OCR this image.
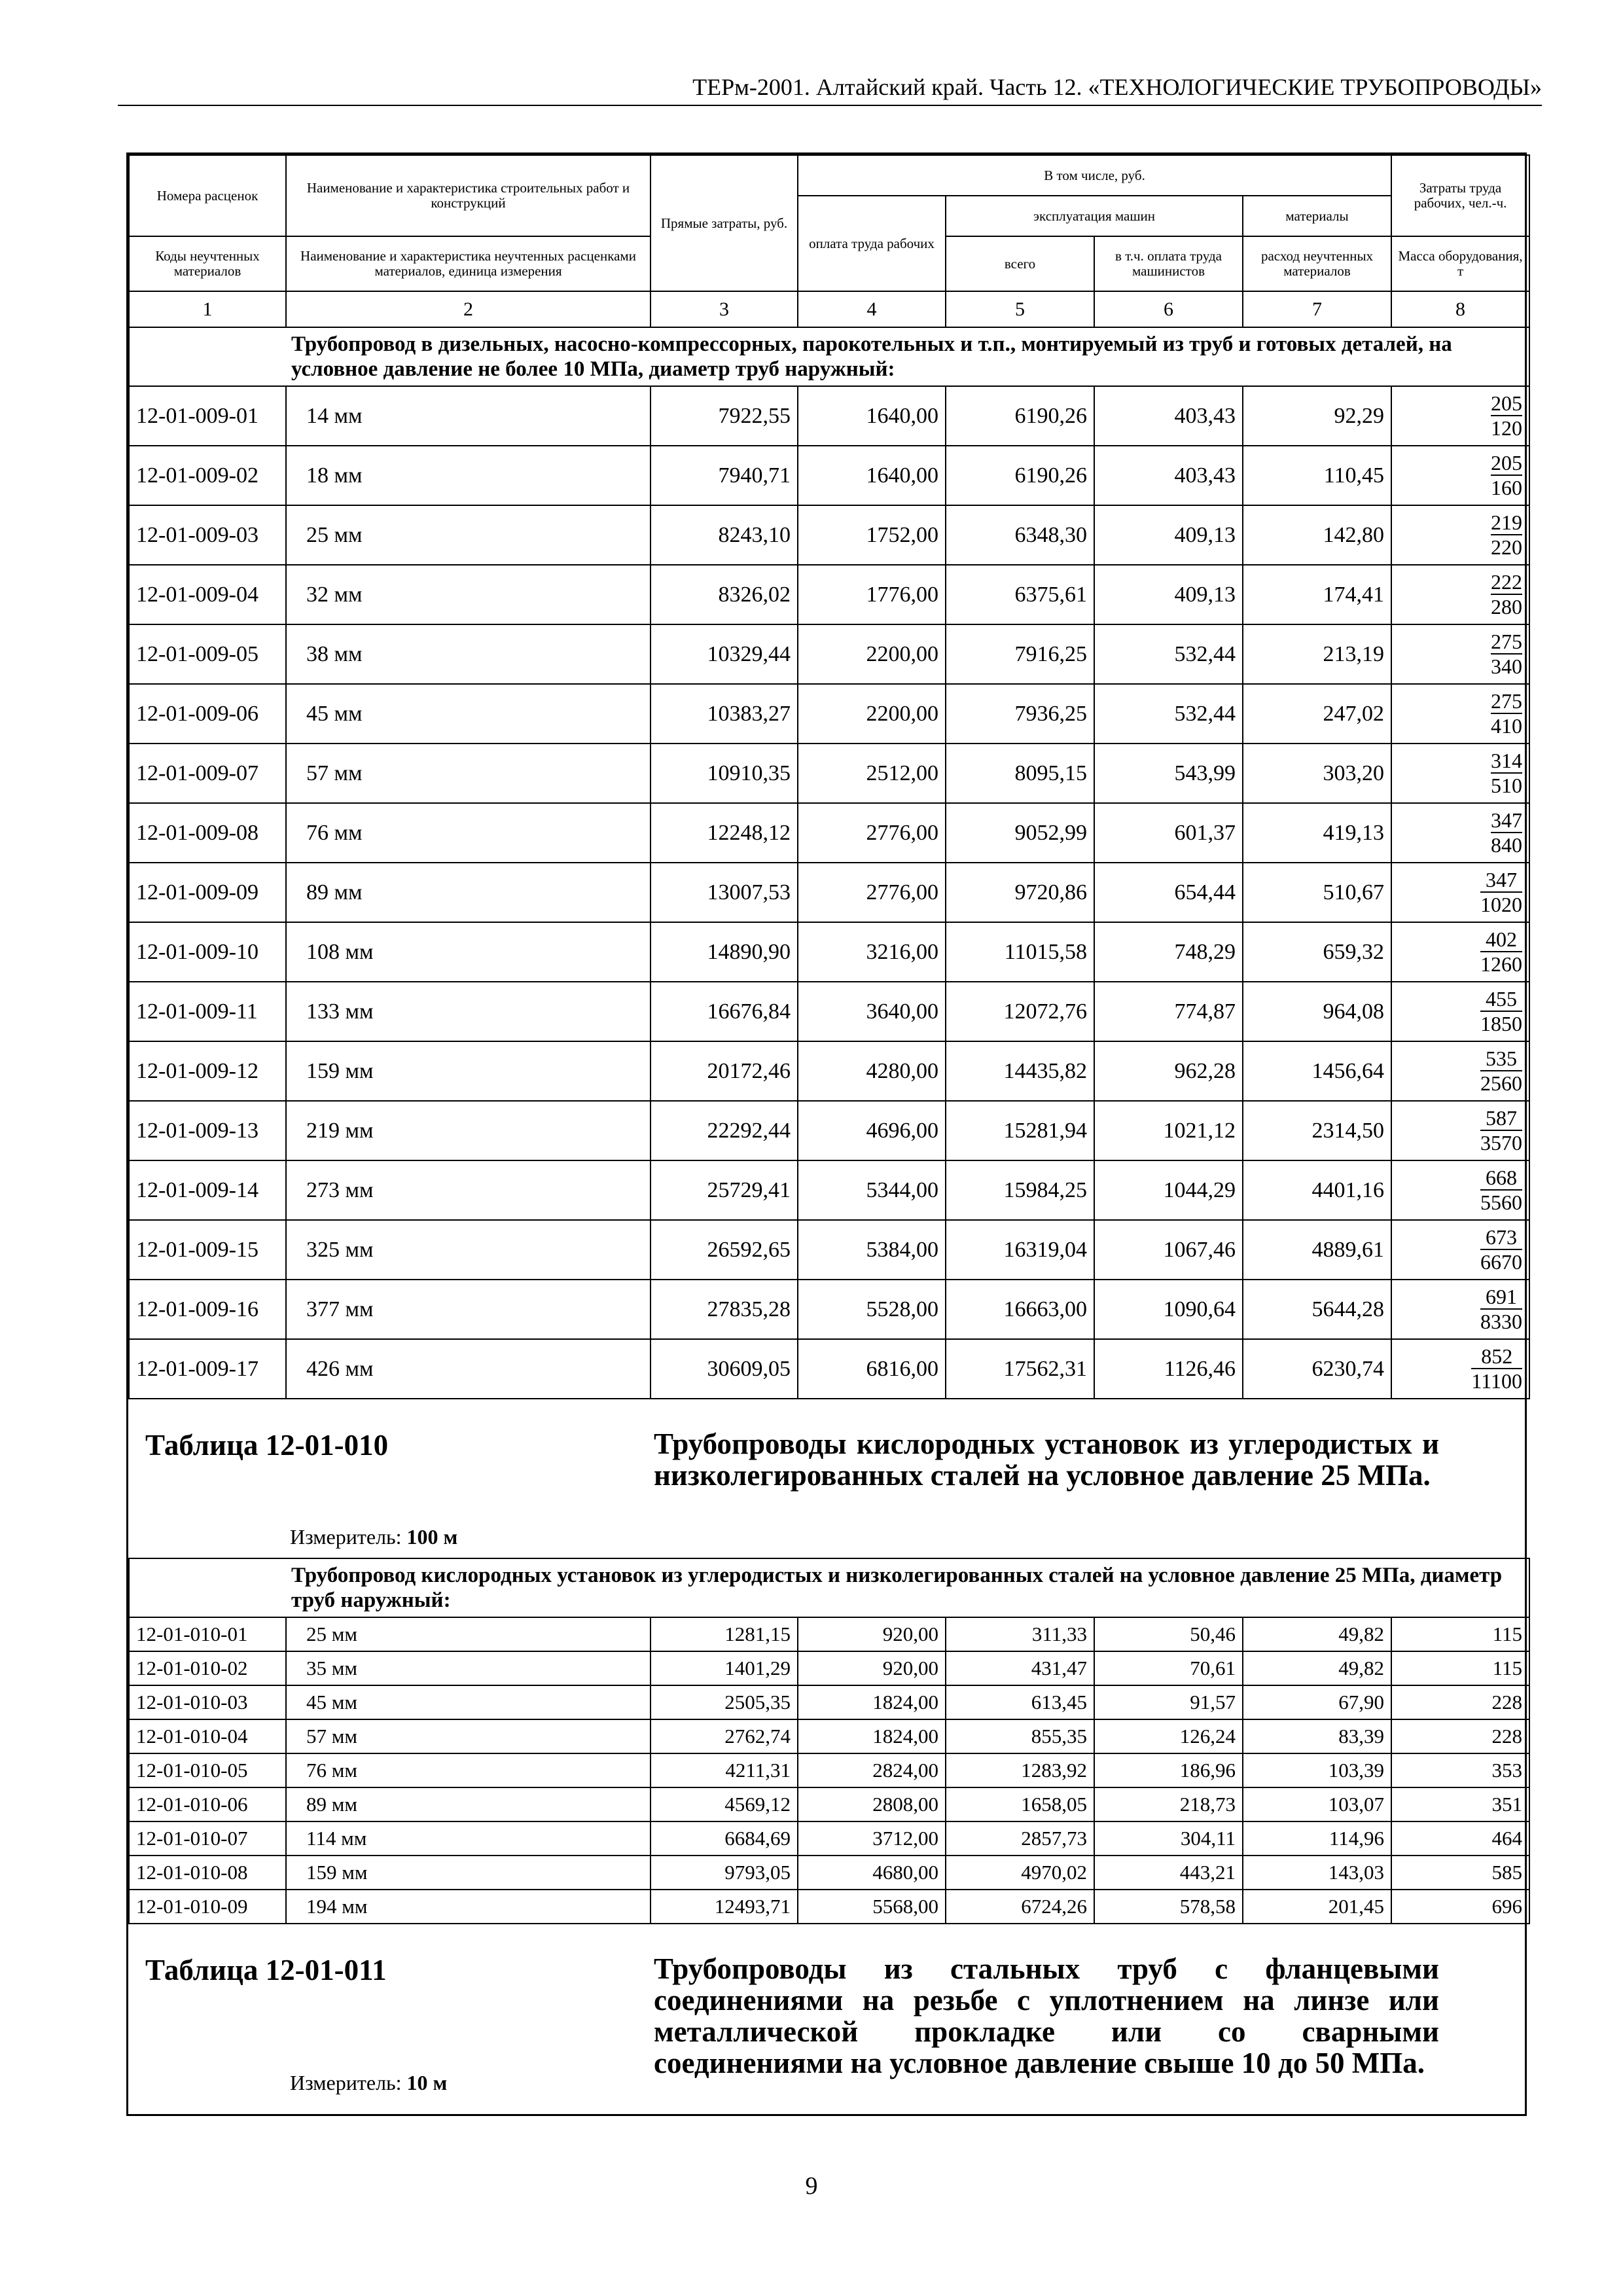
ТЕРм-2001. Алтайский край. Часть 12. «ТЕХНОЛОГИЧЕСКИЕ ТРУБОПРОВОДЫ»
Номера расценок	Наименование и характеристика строительных работ и конструкций	Прямые затраты, руб.	В том числе, руб.				Затраты труда рабочих, чел.-ч.
			оплата труда рабочих	эксплуатация машин		материалы	
Коды неучтенных материалов	Наименование и характеристика неучтенных расценками материалов, единица измерения			всего	в т.ч. оплата труда машинистов	расход неучтенных материалов	Масса оборудования, т
1	2	3	4	5	6	7	8
Трубопровод в дизельных, насосно-компрессорных, парокотельных и т.п., монтируемый из труб и готовых деталей, на условное давление не более 10 МПа, диаметр труб наружный:							
12-01-009-01	14 мм	7922,55	1640,00	6190,26	403,43	92,29	$\frac{205}{120}$

12-01-009-02	18 мм	7940,71	1640,00	6190,26	403,43	110,45	$\frac{205}{160}$

12-01-009-03	25 мм	8243,10	1752,00	6348,30	409,13	142,80	$\frac{219}{220}$

12-01-009-04	32 мм	8326,02	1776,00	6375,61	409,13	174,41	$\frac{222}{280}$

12-01-009-05	38 мм	10329,44	2200,00	7916,25	532,44	213,19	$\frac{275}{340}$

12-01-009-06	45 мм	10383,27	2200,00	7936,25	532,44	247,02	$\frac{275}{410}$

12-01-009-07	57 мм	10910,35	2512,00	8095,15	543,99	303,20	$\frac{314}{510}$

12-01-009-08	76 мм	12248,12	2776,00	9052,99	601,37	419,13	$\frac{347}{840}$

12-01-009-09	89 мм	13007,53	2776,00	9720,86	654,44	510,67	$\frac{347}{1020}$

12-01-009-10	108 мм	14890,90	3216,00	11015,58	748,29	659,32	$\frac{402}{1260}$

12-01-009-11	133 мм	16676,84	3640,00	12072,76	774,87	964,08	$\frac{455}{1850}$

12-01-009-12	159 мм	20172,46	4280,00	14435,82	962,28	1456,64	$\frac{535}{2560}$

12-01-009-13	219 мм	22292,44	4696,00	15281,94	1021,12	2314,50	$\frac{587}{3570}$

12-01-009-14	273 мм	25729,41	5344,00	15984,25	1044,29	4401,16	$\frac{668}{5560}$

12-01-009-15	325 мм	26592,65	5384,00	16319,04	1067,46	4889,61	$\frac{673}{6670}$

12-01-009-16	377 мм	27835,28	5528,00	16663,00	1090,64	5644,28	$\frac{691}{8330}$

12-01-009-17	426 мм	30609,05	6816,00	17562,31	1126,46	6230,74	$\frac{852}{11100}$
Таблица 12-01-010	Трубопроводы кислородных установок из углеродистых и низколегированных сталей на условное давление 25 МПа.
Измеритель: 100 м
Трубопровод кислородных установок из углеродистых и низколегированных сталей на условное давление 25 МПа, диаметр труб наружный:							
12-01-010-01	25 мм	1281,15	920,00	311,33	50,46	49,82	115
12-01-010-02	35 мм	1401,29	920,00	431,47	70,61	49,82	115
12-01-010-03	45 мм	2505,35	1824,00	613,45	91,57	67,90	228
12-01-010-04	57 мм	2762,74	1824,00	855,35	126,24	83,39	228
12-01-010-05	76 мм	4211,31	2824,00	1283,92	186,96	103,39	353
12-01-010-06	89 мм	4569,12	2808,00	1658,05	218,73	103,07	351
12-01-010-07	114 мм	6684,69	3712,00	2857,73	304,11	114,96	464
12-01-010-08	159 мм	9793,05	4680,00	4970,02	443,21	143,03	585
12-01-010-09	194 мм	12493,71	5568,00	6724,26	578,58	201,45	696
Таблица 12-01-011	Трубопроводы из стальных труб с фланцевыми соединениями на резьбе с уплотнением на линзе или металлической прокладке или со сварными соединениями на условное давление свыше 10 до 50 МПа.
Измеритель: 10 м
9
